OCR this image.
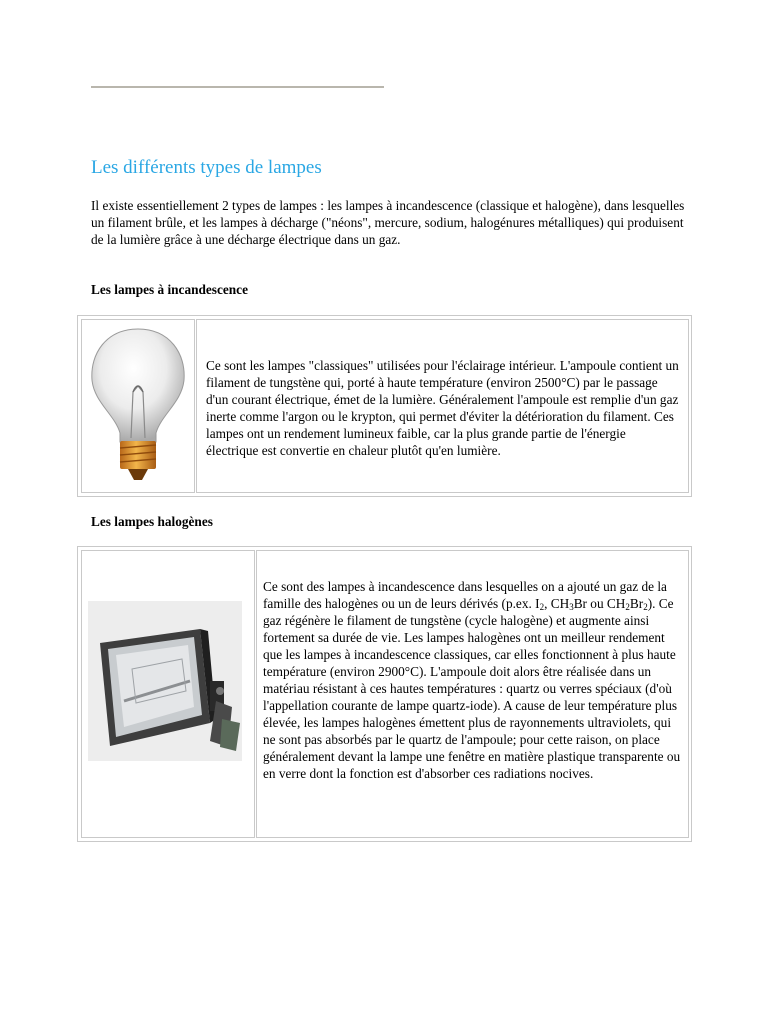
Les différents types de lampes

Il existe essentiellement 2 types de lampes : les lampes à incandescence (classique et halogène), dans lesquelles un filament brûle, et les lampes à décharge ("néons", mercure, sodium, halogénures métalliques) qui produisent de la lumière grâce à une décharge électrique dans un gaz.

Les lampes à incandescence

Ce sont les lampes "classiques" utilisées pour l'éclairage intérieur. L'ampoule contient un filament de tungstène qui, porté à haute température (environ 2500°C) par le passage d'un courant électrique, émet de la lumière. Généralement l'ampoule est remplie d'un gaz inerte comme l'argon ou le krypton, qui permet d'éviter la détérioration du filament. Ces lampes ont un rendement lumineux faible, car la plus grande partie de l'énergie électrique est convertie en chaleur plutôt qu'en lumière.

Les lampes halogènes

Ce sont des lampes à incandescence dans lesquelles on a ajouté un gaz de la famille des halogènes ou un de leurs dérivés (p.ex. $I_2$, $CH_3Br$ ou $CH_2Br_2$). Ce gaz régénère le filament de tungstène (cycle halogène) et augmente ainsi fortement sa durée de vie. Les lampes halogènes ont un meilleur rendement que les lampes à incandescence classiques, car elles fonctionnent à plus haute température (environ 2900°C). L'ampoule doit alors être réalisée dans un matériau résistant à ces hautes températures : quartz ou verres spéciaux (d'où l'appellation courante de lampe quartz-iode). A cause de leur température plus élevée, les lampes halogènes émettent plus de rayonnements ultraviolets, qui ne sont pas absorbés par le quartz de l'ampoule; pour cette raison, on place généralement devant la lampe une fenêtre en matière plastique transparente ou en verre dont la fonction est d'absorber ces radiations nocives.
